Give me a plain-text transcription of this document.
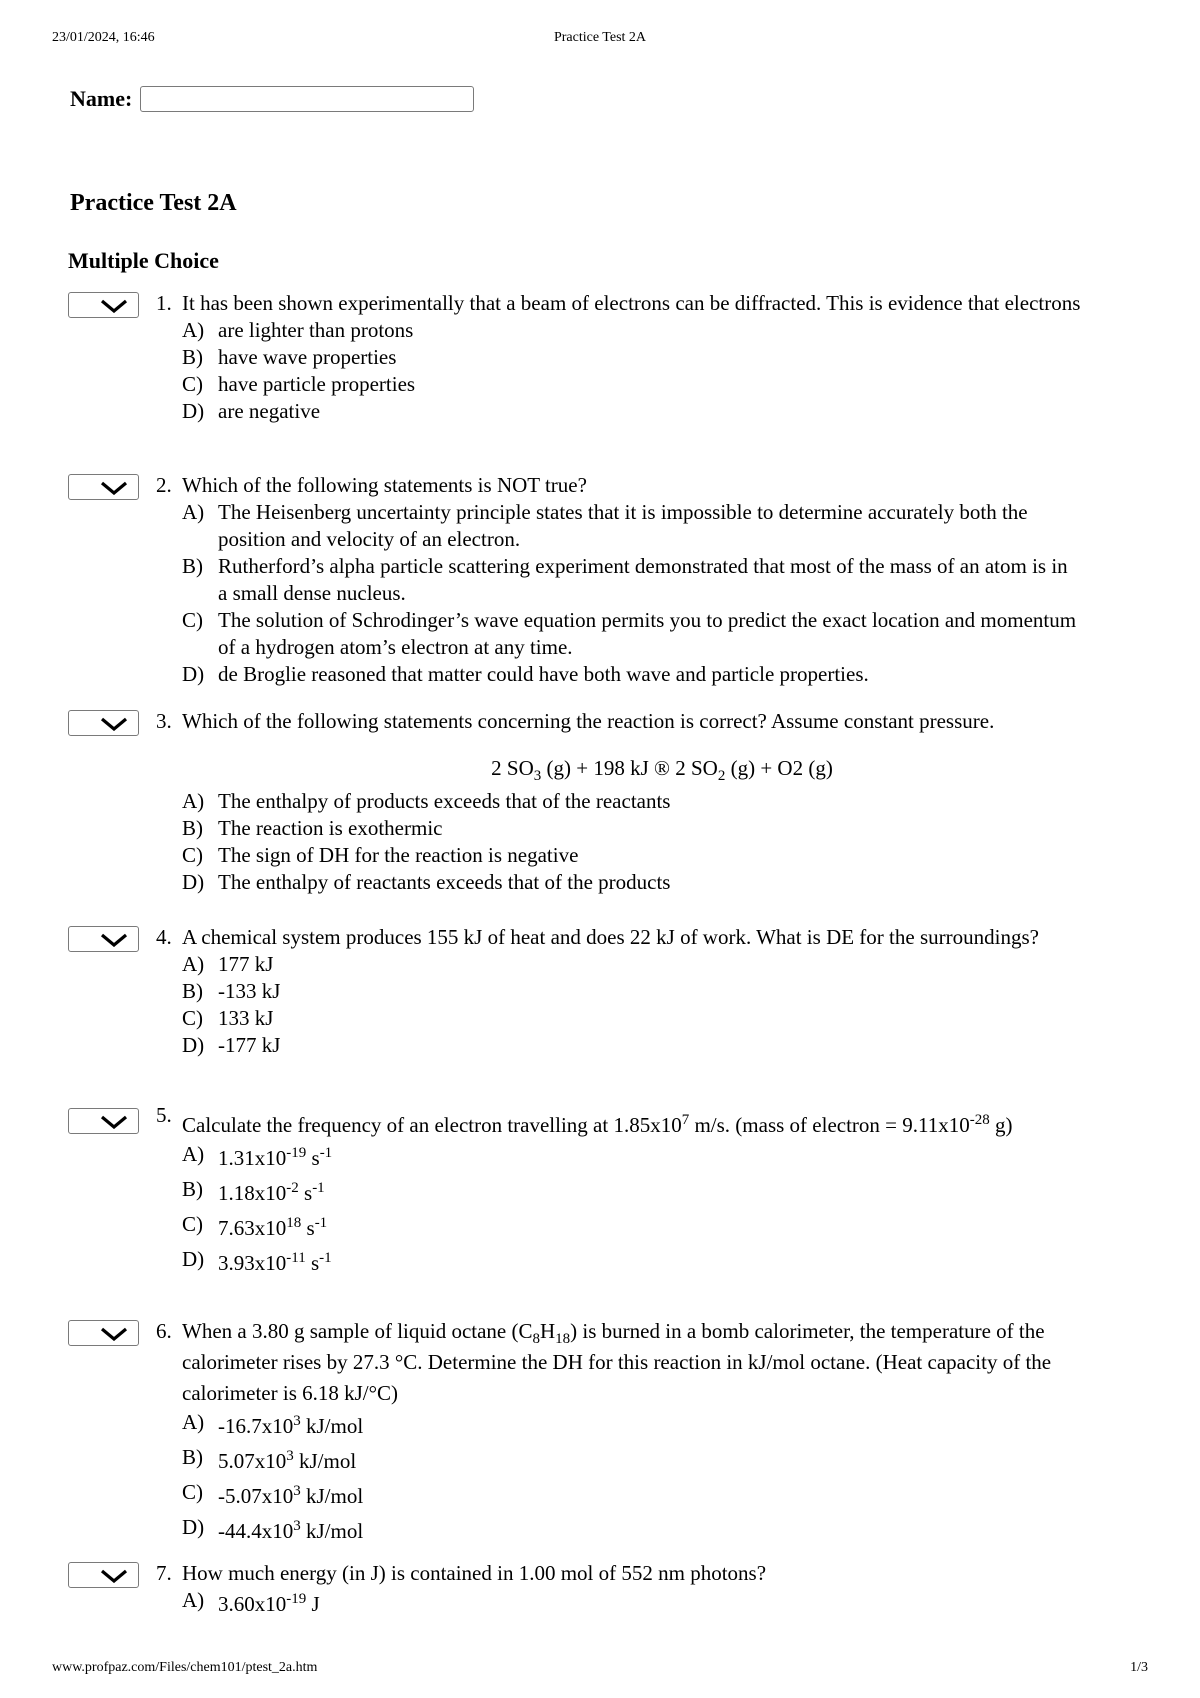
23/01/2024, 16:46	Practice Test 2A
Name:
Practice Test 2A
Multiple Choice
1. It has been shown experimentally that a beam of electrons can be diffracted. This is evidence that electrons
A) are lighter than protons
B) have wave properties
C) have particle properties
D) are negative
2. Which of the following statements is NOT true?
A) The Heisenberg uncertainty principle states that it is impossible to determine accurately both the position and velocity of an electron.
B) Rutherford’s alpha particle scattering experiment demonstrated that most of the mass of an atom is in a small dense nucleus.
C) The solution of Schrodinger’s wave equation permits you to predict the exact location and momentum of a hydrogen atom’s electron at any time.
D) de Broglie reasoned that matter could have both wave and particle properties.
3. Which of the following statements concerning the reaction is correct? Assume constant pressure.
2 $SO_3$ (g) + 198 kJ ® 2 $SO_2$ (g) + O2 (g)
A) The enthalpy of products exceeds that of the reactants
B) The reaction is exothermic
C) The sign of DH for the reaction is negative
D) The enthalpy of reactants exceeds that of the products
4. A chemical system produces 155 kJ of heat and does 22 kJ of work. What is DE for the surroundings?
A) 177 kJ
B) -133 kJ
C) 133 kJ
D) -177 kJ
5. Calculate the frequency of an electron travelling at $1.85x10^7$ m/s. (mass of electron = $9.11x10^{-28}$ g)
A) $1.31x10^{-19}$ $s^{-1}$
B) $1.18x10^{-2}$ $s^{-1}$
C) $7.63x10^{18}$ $s^{-1}$
D) $3.93x10^{-11}$ $s^{-1}$
6. When a 3.80 g sample of liquid octane $(C_8H_{18})$ is burned in a bomb calorimeter, the temperature of the calorimeter rises by 27.3 °C. Determine the DH for this reaction in kJ/mol octane. (Heat capacity of the calorimeter is 6.18 kJ/°C)
A) $-16.7x10^3$ kJ/mol
B) $5.07x10^3$ kJ/mol
C) $-5.07x10^3$ kJ/mol
D) $-44.4x10^3$ kJ/mol
7. How much energy (in J) is contained in 1.00 mol of 552 nm photons?
A) $3.60x10^{-19}$ J
www.profpaz.com/Files/chem101/ptest_2a.htm	1/3
